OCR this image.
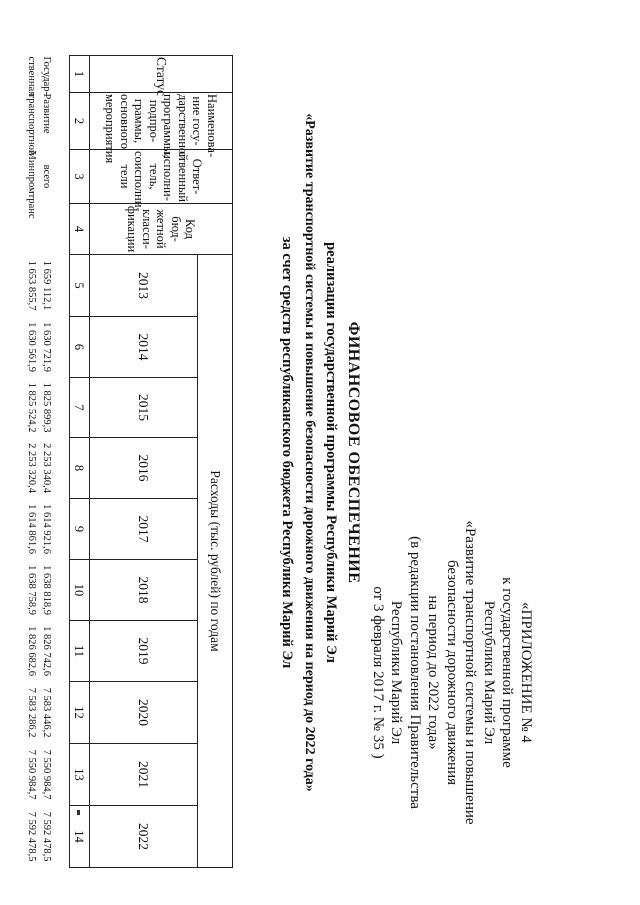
«ПРИЛОЖЕНИЕ № 4
к государственной программе
Республики Марий Эл
«Развитие транспортной системы и повышение
безопасности дорожного движения
на период до 2022 года»
(в редакции постановления Правительства
Республики Марий Эл
от 3 февраля 2017 г. № 35 )
ФИНАНСОВОЕ ОБЕСПЕЧЕНИЕ
реализации государственной программы Республики Марий Эл
«Развитие транспортной системы и повышение безопасности дорожного движения на период до 2022 года»
за счет средств республиканского бюджета Республики Марий Эл
Статус	Наименова-ние госу-дарственной программы, подпро-граммы, основного мероприятия	Ответ-ственный исполни-тель, соисполни-тели	Код бюд-жетной класси-фикации	Расходы (тыс. рублей) по годам									
				2013	2014	2015	2016	2017	2018	2019	2020	2021	2022
1	2	3	4	5	6	7	8	9	10	11	12	13	14
Государ-	Развитие	всего		1 659 112,1	1 630 721,9	1 825 899,3	2 253 340,4	1 614 921,6	1 638 818,9	1 826 742,6	7 583 446,2	7 550 984,7	7 592 478,5
ственная	транспортной	Минпромтранс		1 653 855,7	1 630 561,9	1 825 524,2	2 253 320,4	1 614 861,6	1 638 758,9	1 826 682,6	7 583 286,2	7 550 984,7	7 592 478,5
